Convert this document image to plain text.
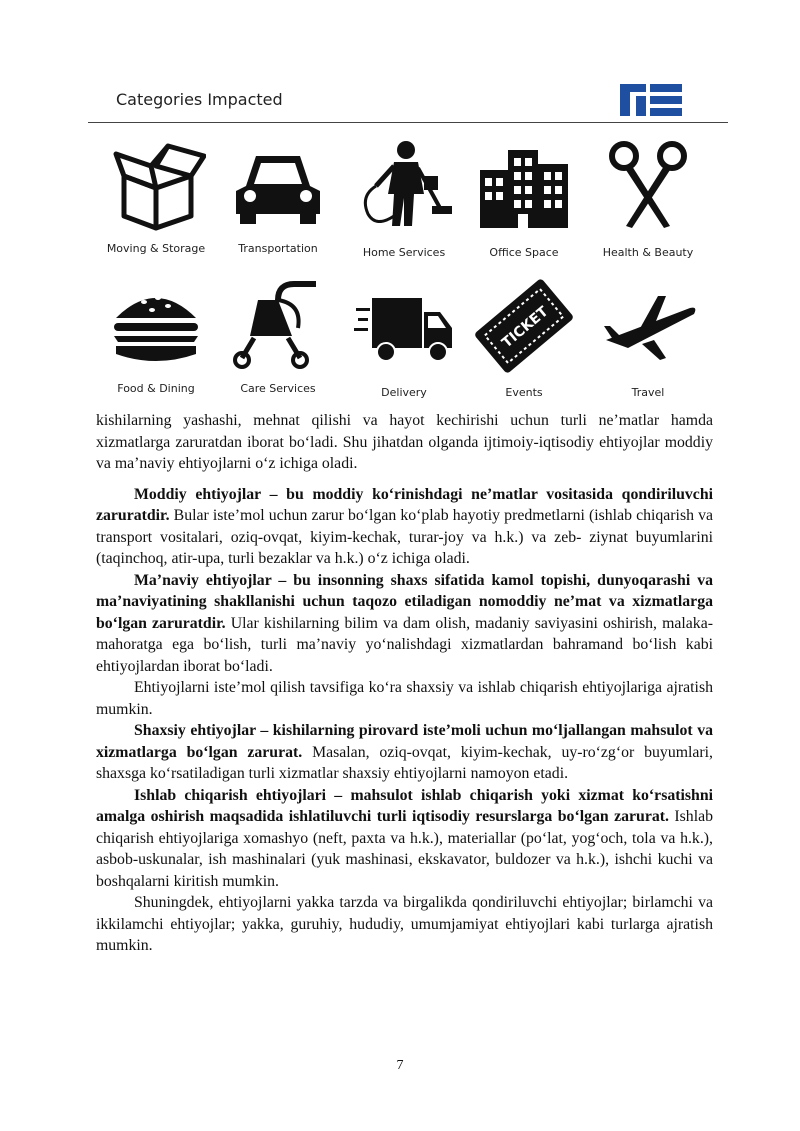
Categories Impacted
Moving & Storage	Transportation	Home Services	Office Space	Health & Beauty
Food & Dining	Care Services	Delivery
TICKET
Events	Travel

kishilarning yashashi, mehnat qilishi va hayot kechirishi uchun turli ne’matlar hamda xizmatlarga zaruratdan iborat bo‘ladi. Shu jihatdan olganda ijtimoiy-iqtisodiy ehtiyojlar moddiy va ma’naviy ehtiyojlarni o‘z ichiga oladi.

Moddiy ehtiyojlar – bu moddiy ko‘rinishdagi ne’matlar vositasida qondiriluvchi zaruratdir. Bular iste’mol uchun zarur bo‘lgan ko‘plab hayotiy predmetlarni (ishlab chiqarish va transport vositalari, oziq-ovqat, kiyim-kechak, turar-joy va h.k.) va zeb- ziynat buyumlarini (taqinchoq, atir-upa, turli bezaklar va h.k.) o‘z ichiga oladi.

Ma’naviy ehtiyojlar – bu insonning shaxs sifatida kamol topishi, dunyoqarashi va ma’naviyatining shakllanishi uchun taqozo etiladigan nomoddiy ne’mat va xizmatlarga bo‘lgan zaruratdir. Ular kishilarning bilim va dam olish, madaniy saviyasini oshirish, malaka-mahoratga ega bo‘lish, turli ma’naviy yo‘nalishdagi xizmatlardan bahramand bo‘lish kabi ehtiyojlardan iborat bo‘ladi.

Ehtiyojlarni iste’mol qilish tavsifiga ko‘ra shaxsiy va ishlab chiqarish ehtiyojlariga ajratish mumkin.

Shaxsiy ehtiyojlar – kishilarning pirovard iste’moli uchun mo‘ljallangan mahsulot va xizmatlarga bo‘lgan zarurat. Masalan, oziq-ovqat, kiyim-kechak, uy-ro‘zg‘or buyumlari, shaxsga ko‘rsatiladigan turli xizmatlar shaxsiy ehtiyojlarni namoyon etadi.

Ishlab chiqarish ehtiyojlari – mahsulot ishlab chiqarish yoki xizmat ko‘rsatishni amalga oshirish maqsadida ishlatiluvchi turli iqtisodiy resurslarga bo‘lgan zarurat. Ishlab chiqarish ehtiyojlariga xomashyo (neft, paxta va h.k.), materiallar (po‘lat, yog‘och, tola va h.k.), asbob-uskunalar, ish mashinalari (yuk mashinasi, ekskavator, buldozer va h.k.), ishchi kuchi va boshqalarni kiritish mumkin.

Shuningdek, ehtiyojlarni yakka tarzda va birgalikda qondiriluvchi ehtiyojlar; birlamchi va ikkilamchi ehtiyojlar; yakka, guruhiy, hududiy, umumjamiyat ehtiyojlari kabi turlarga ajratish mumkin.

7
